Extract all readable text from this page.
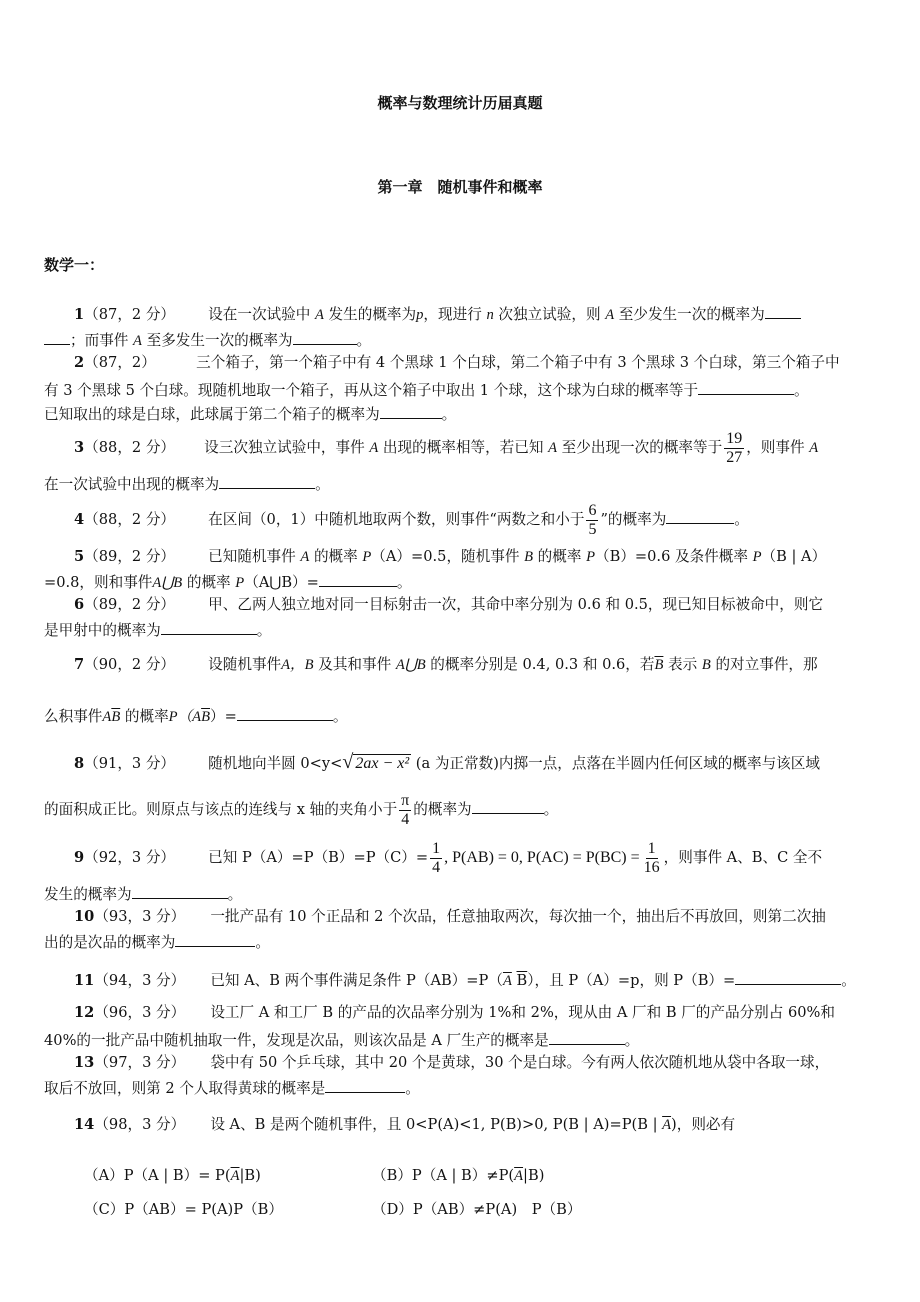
概率与数理统计历届真题
第一章　随机事件和概率
数学一：
1（87，2 分） 设在一次试验中 A 发生的概率为p，现进行 n 次独立试验，则 A 至少发生一次的概率为
；而事件 A 至多发生一次的概率为	。
2（87，2）	三个箱子，第一个箱子中有 4 个黑球 1 个白球，第二个箱子中有 3 个黑球 3 个白球，第三个箱子中
有 3 个黑球 5 个白球。现随机地取一个箱子，再从这个箱子中取出 1 个球，这个球为白球的概率等于	。
已知取出的球是白球，此球属于第二个箱子的概率为	。
3（88，2 分） 设三次独立试验中，事件 A 出现的概率相等，若已知 A 至少出现一次的概率等于 $\frac{19}{27}$ ，则事件 A
在一次试验中出现的概率为	。
4（88，2 分） 在区间（0，1）中随机地取两个数，则事件“两数之和小于 $\frac{6}{5}$ ”的概率为	。
5（89，2 分） 已知随机事件 A 的概率 P（A）=0.5，随机事件 B 的概率 P（B）=0.6 及条件概率 P（B | A）
=0.8，则和事件A⋃B 的概率 P（A⋃B）=	。
6（89，2 分） 甲、乙两人独立地对同一目标射击一次，其命中率分别为 0.6 和 0.5，现已知目标被命中，则它
是甲射中的概率为	。
7（90，2 分） 设随机事件A，B 及其和事件 A⋃B 的概率分别是 0.4, 0.3 和 0.6，若$\overline{B}$ 表示 B 的对立事件，那
么积事件$A\overline{B}$ 的概率$P(A\overline{B})=$	。
8（91，3 分） 随机地向半圆 0<y<√ 2ax − x² (a 为正常数)内掷一点，点落在半圆内任何区域的概率与该区域
的面积成正比。则原点与该点的连线与 x 轴的夹角小于 $\frac{\pi}{4}$ 的概率为	。
9（92，3 分） 已知 $P(A)=P(B)=P(C)= \frac{1}{4}$ , P(AB) = 0, $P(AC) = P(BC) = \frac{1}{16}$ ，则事件 A、B、C 全不
发生的概率为	。
10（93，3 分） 一批产品有 10 个正品和 2 个次品，任意抽取两次，每次抽一个，抽出后不再放回，则第二次抽
出的是次品的概率为	。
11（94，3 分） 已知 A、B 两个事件满足条件 $P(AB)=P(\overline{A}$ $\overline{B}$），且 P（A）=p，则 P（B）=	。
12（96，3 分） 设工厂 A 和工厂 B 的产品的次品率分别为 1%和 2%，现从由 A 厂和 B 厂的产品分别占 60%和
40%的一批产品中随机抽取一件，发现是次品，则该次品是 A 厂生产的概率是	。
13（97，3 分） 袋中有 50 个乒乓球，其中 20 个是黄球，30 个是白球。今有两人依次随机地从袋中各取一球，
取后不放回，则第 2 个人取得黄球的概率是	。
14（98，3 分） 设 A、B 是两个随机事件，且 0<P(A)<1, P(B)>0, P(B | A)=P(B | $\overline{A}$)，则必有
（A）P（A | $B)= P(\overline{A}|B)$	（B）P（A | $B)\ne P(\overline{A}|B)$
（C）P（AB）= P(A)P（B）	（D）P（AB）≠P(A)　P（B）
